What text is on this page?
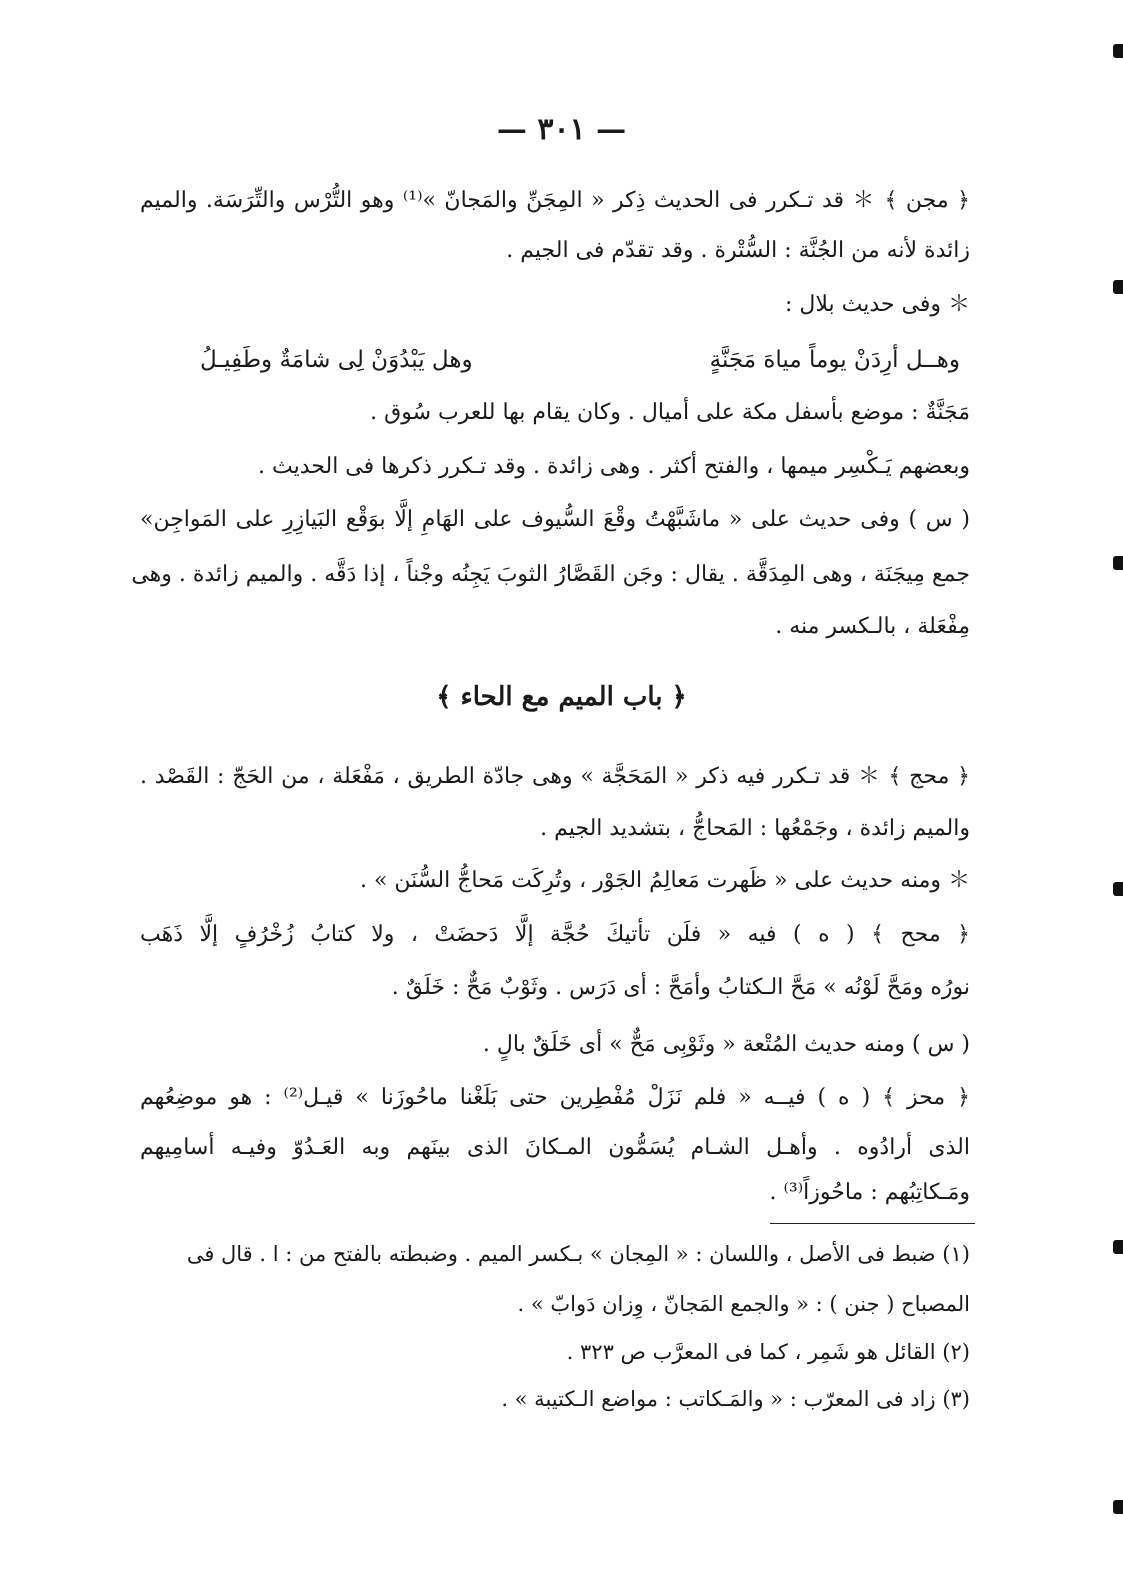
— ٣٠١ —
﴿ مجن ﴾ ＊ قد تـكرر فى الحديث ذِكر « المِجَنِّ والمَجانّ »⁽¹⁾ وهو التُّرْس والتِّرَسَة. والميم
زائدة لأنه من الجُنَّة : السُّتْرة . وقد تقدّم فى الجيم .
＊ وفى حديث بلال :
وهــل أرِدَنْ يوماً مياهَ مَجَنَّةٍ
وهل يَبْدُوَنْ لِى شامَةٌ وطَفِيـلُ
مَجَنَّةٌ : موضع بأسفل مكة على أميال . وكان يقام بها للعرب سُوق .
وبعضهم يَـكْسِر ميمها ، والفتح أكثر . وهى زائدة . وقد تـكرر ذكرها فى الحديث .
( س ) وفى حديث على « ماشَبَّهْتُ وقْعَ السُّيوف على الهَامِ إلَّا بوَقْع البَيازِرِ على المَواجِن»
جمع مِيجَنَة ، وهى المِدَقَّة . يقال : وجَن القَصَّارُ الثوبَ يَجِنُه وجْناً ، إذا دَقَّه . والميم زائدة . وهى
مِفْعَلة ، بالـكسر منه .
﴿ باب الميم مع الحاء ﴾
﴿ محج ﴾ ＊ قد تـكرر فيه ذكر « المَحَجَّة » وهى جادّة الطريق ، مَفْعَلة ، من الحَجّ : القَصْد .
والميم زائدة ، وجَمْعُها : المَحاجُّ ، بتشديد الجيم .
＊ ومنه حديث على « ظَهرت مَعالِمُ الجَوْر ، وتُرِكَت مَحاجُّ السُّنَن » .
﴿ محح ﴾ ( ه ) فيه « فلَن تأتيكَ حُجَّة إلَّا دَحضَتْ ، ولا كتابُ زُخْرُفٍ إلَّا ذَهَب
نورُه ومَحَّ لَوْنُه » مَحَّ الـكتابُ وأمَحَّ : أى دَرَس . وثَوْبٌ مَحٌّ : خَلَقٌ .
( س ) ومنه حديث المُتْعة « وثَوْبِى مَحٌّ » أى خَلَقٌ بالٍ .
﴿ محز ﴾ ( ه ) فيــه « فلم نَزَلْ مُفْطِرين حتى بَلَغْنا ماحُوزَنا » قيـل⁽²⁾ : هو موضِعُهم
الذى أرادُوه . وأهـل الشـام يُسَمُّون المـكانَ الذى بينَهم وبه العَـدُوّ وفيـه أسامِيهم
ومَـكاتِبُهم : ماحُوزاً⁽³⁾ .
(١) ضبط فى الأصل ، واللسان : « المِجان » بـكسر الميم . وضبطته بالفتح من : ا . قال فى
المصباح ( جنن ) : « والجمع المَجانّ ، وِزان دَوابّ » .
(٢) القائل هو شَمِر ، كما فى المعرَّب ص ٣٢٣ .
(٣) زاد فى المعرّب : « والمَـكاتب : مواضع الـكتيبة » .
